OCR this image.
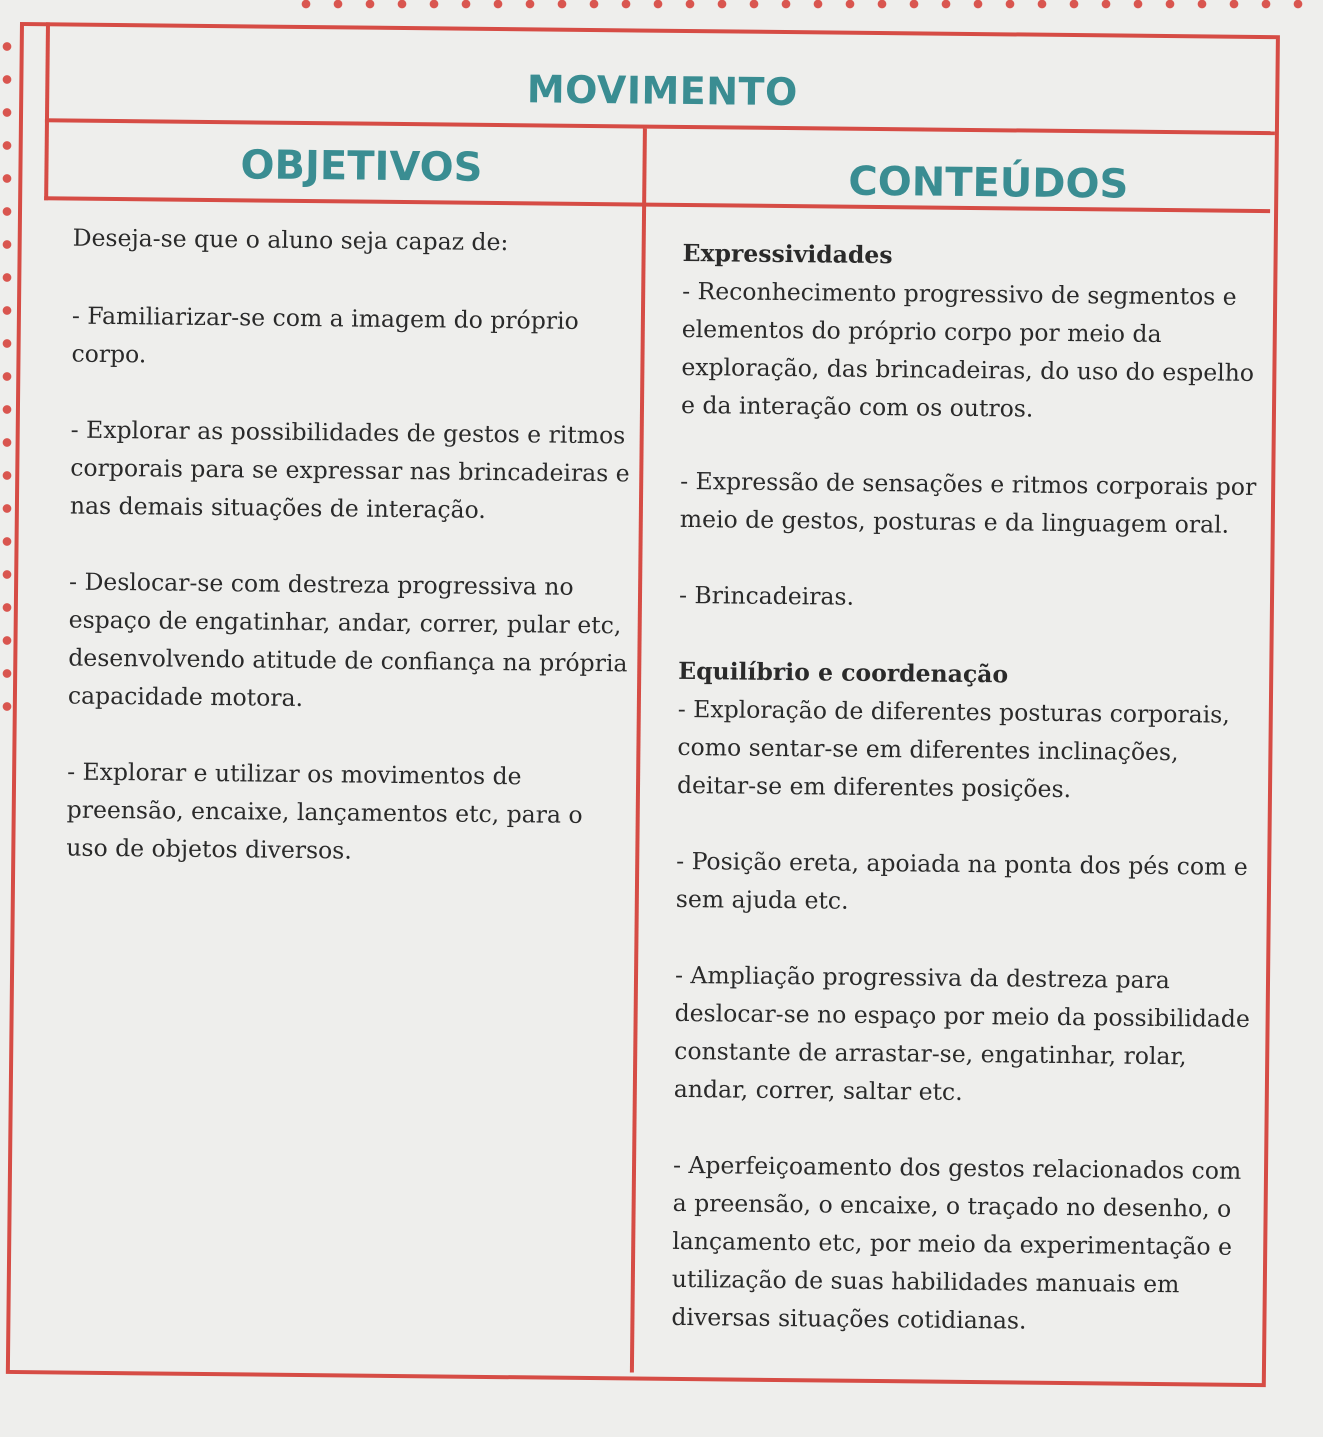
MOVIMENTO
OBJETIVOS	CONTEÚDOS

Deseja-se que o aluno seja capaz de:

- Familiarizar-se com a imagem do próprio corpo.

- Explorar as possibilidades de gestos e ritmos corporais para se expressar nas brincadeiras e nas demais situações de interação.

- Deslocar-se com destreza progressiva no espaço de engatinhar, andar, correr, pular etc, desenvolvendo atitude de confiança na própria capacidade motora.

- Explorar e utilizar os movimentos de preensão, encaixe, lançamentos etc, para o uso de objetos diversos.

Expressividades

- Reconhecimento progressivo de segmentos e elementos do próprio corpo por meio da exploração, das brincadeiras, do uso do espelho e da interação com os outros.

- Expressão de sensações e ritmos corporais por meio de gestos, posturas e da linguagem oral.

- Brincadeiras.

Equilíbrio e coordenação

- Exploração de diferentes posturas corporais, como sentar-se em diferentes inclinações, deitar-se em diferentes posições.

- Posição ereta, apoiada na ponta dos pés com e sem ajuda etc.

- Ampliação progressiva da destreza para deslocar-se no espaço por meio da possibilidade constante de arrastar-se, engatinhar, rolar, andar, correr, saltar etc.

- Aperfeiçoamento dos gestos relacionados com a preensão, o encaixe, o traçado no desenho, o lançamento etc, por meio da experimentação e utilização de suas habilidades manuais em diversas situações cotidianas.
